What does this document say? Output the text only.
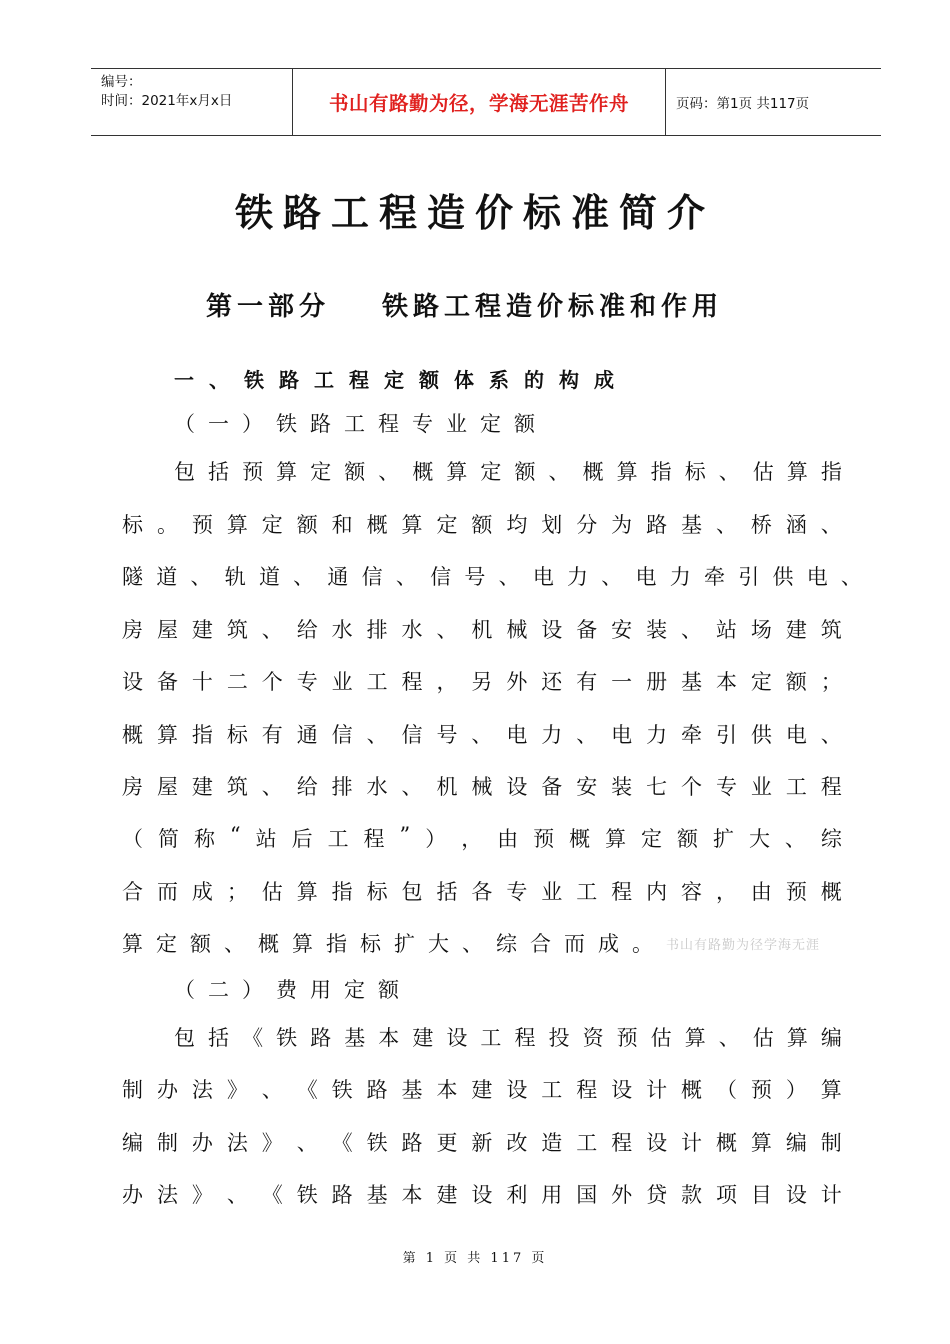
编号：
时间：2021年x月x日	书山有路勤为径，学海无涯苦作舟	页码：第1页 共117页
铁路工程造价标准简介
第一部分 铁路工程造价标准和作用
一、铁路工程定额体系的构成
（ 一 ） 铁 路 工 程 专 业 定 额
包 括 预 算 定 额 、 概 算 定 额 、 概 算 指 标 、 估 算 指
标 。 预 算 定 额 和 概 算 定 额 均 划 分 为 路 基 、 桥 涵 、
隧 道 、 轨 道 、 通 信 、 信 号 、 电 力 、 电 力 牵 引 供 电 、
房 屋 建 筑 、 给 水 排 水 、 机 械 设 备 安 装 、 站 场 建 筑
设 备 十 二 个 专 业 工 程 ， 另 外 还 有 一 册 基 本 定 额 ；
概 算 指 标 有 通 信 、 信 号 、 电 力 、 电 力 牵 引 供 电 、
房 屋 建 筑 、 给 排 水 、 机 械 设 备 安 装 七 个 专 业 工 程
（ 简 称 “ 站 后 工 程 ” ） ， 由 预 概 算 定 额 扩 大 、 综
合 而 成 ； 估 算 指 标 包 括 各 专 业 工 程 内 容 ， 由 预 概
算 定 额 、 概 算 指 标 扩 大 、 综 合 而 成 。 书山有路勤为径学海无涯
（ 二 ） 费 用 定 额
包 括 《 铁 路 基 本 建 设 工 程 投 资 预 估 算 、 估 算 编
制 办 法 》 、 《 铁 路 基 本 建 设 工 程 设 计 概 （ 预 ） 算
编 制 办 法 》 、 《 铁 路 更 新 改 造 工 程 设 计 概 算 编 制
办 法 》 、 《 铁 路 基 本 建 设 利 用 国 外 贷 款 项 目 设 计
第 1 页 共 117 页
